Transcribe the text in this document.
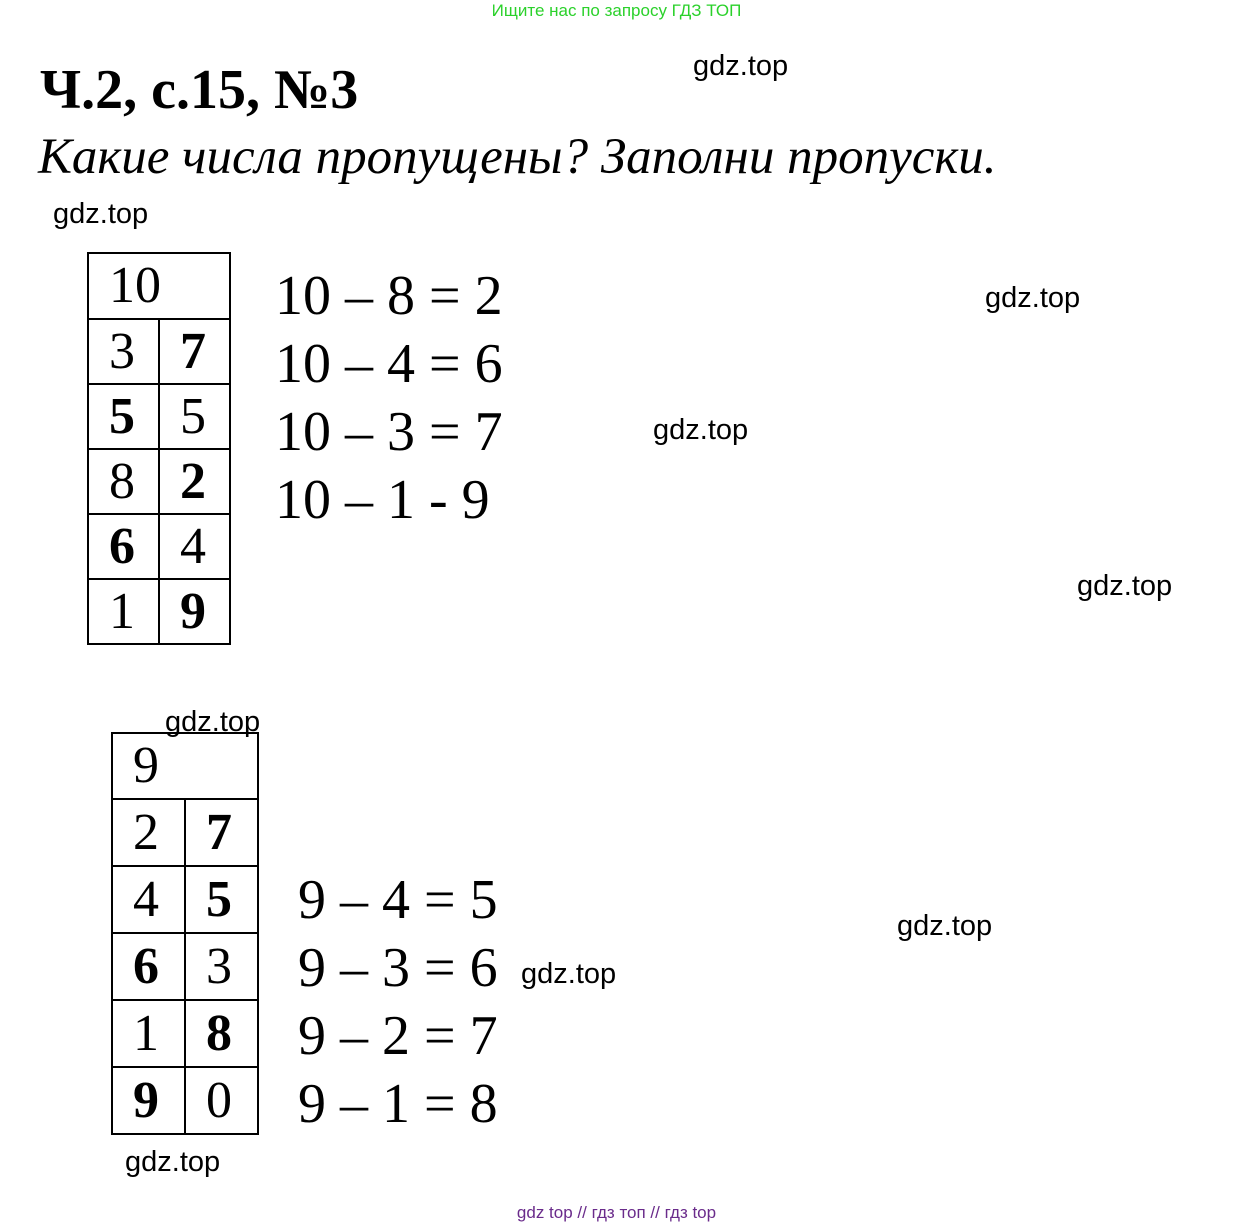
Ищите нас по запросу ГДЗ ТОП
Ч.2, с.15, №3
Какие числа пропущены? Заполни пропуски.
gdz.top
gdz.top
gdz.top
gdz.top
gdz.top
gdz.top
gdz.top
gdz.top
gdz.top
10	
3	7
5	5
8	2
6	4
1	9
10 – 8 = 2
10 – 4 = 6
10 – 3 = 7
10 – 1 - 9
9	
2	7
4	5
6	3
1	8
9	0
9 – 4 = 5
9 – 3 = 6
9 – 2 = 7
9 – 1 = 8
gdz top // гдз топ // гдз top
